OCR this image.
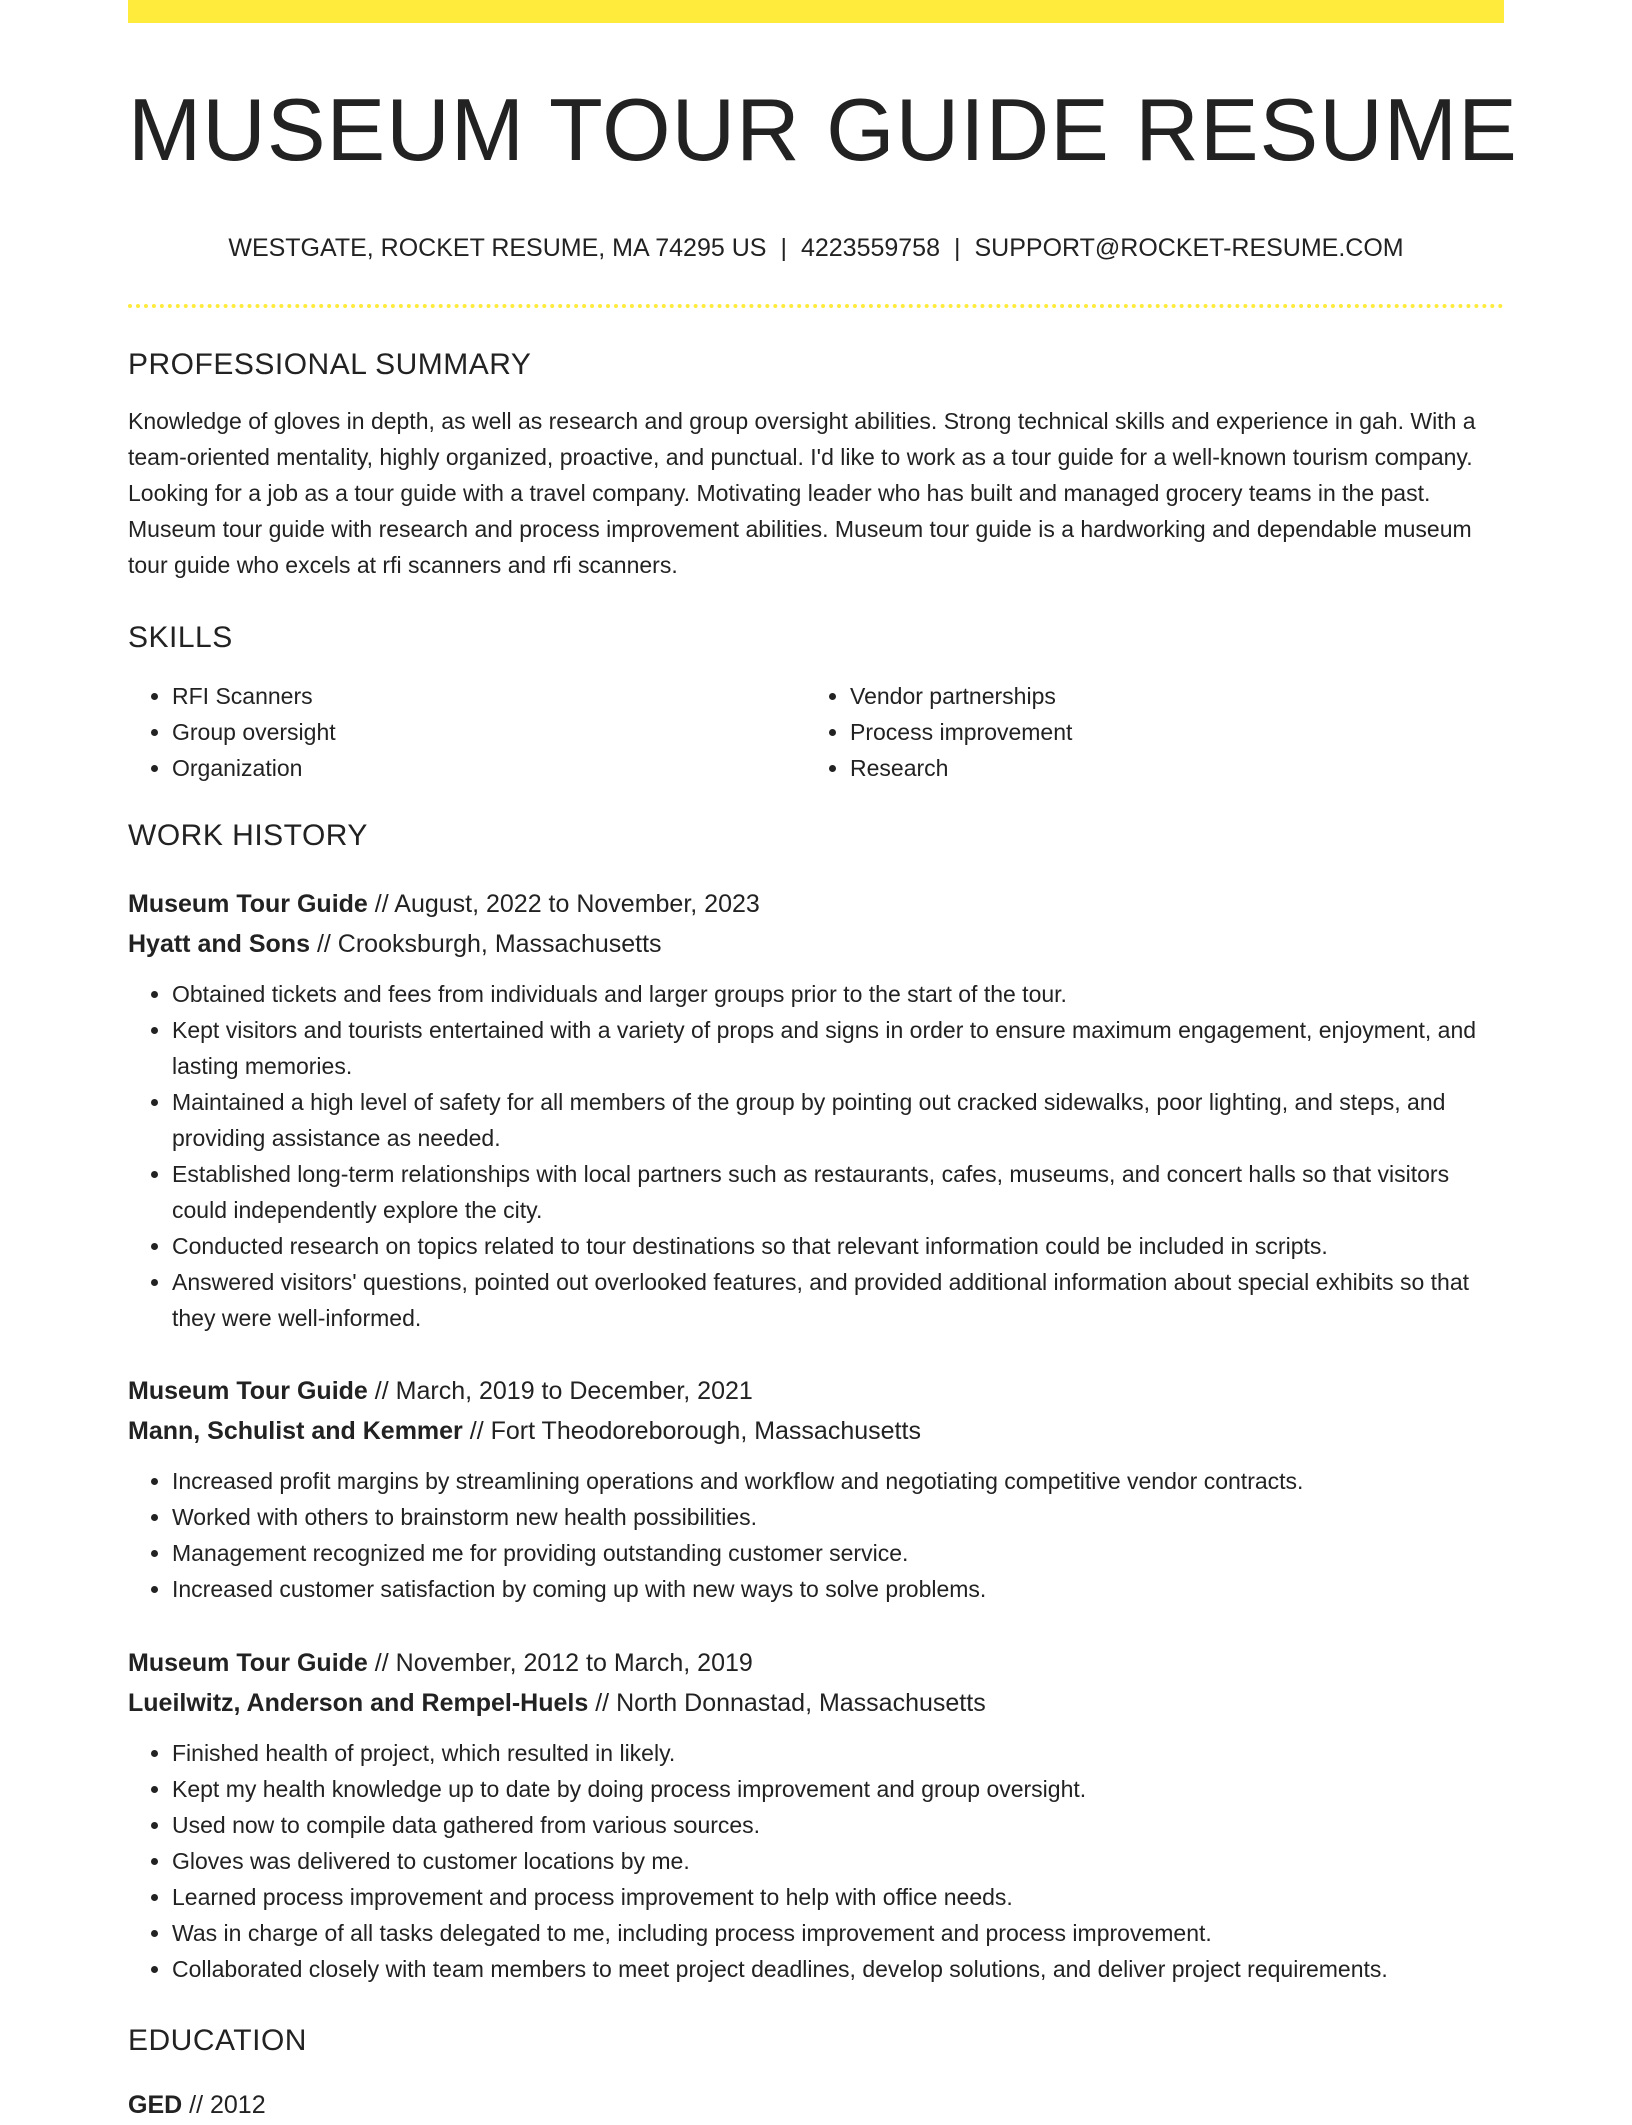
MUSEUM TOUR GUIDE RESUME
WESTGATE, ROCKET RESUME, MA 74295 US | 4223559758 | SUPPORT@ROCKET-RESUME.COM
PROFESSIONAL SUMMARY

Knowledge of gloves in depth, as well as research and group oversight abilities. Strong technical skills and experience in gah. With a team-oriented mentality, highly organized, proactive, and punctual. I'd like to work as a tour guide for a well-known tourism company. Looking for a job as a tour guide with a travel company. Motivating leader who has built and managed grocery teams in the past. Museum tour guide with research and process improvement abilities. Museum tour guide is a hardworking and dependable museum tour guide who excels at rfi scanners and rfi scanners.

SKILLS
• RFI Scanners
• Group oversight
• Organization
• Vendor partnerships
• Process improvement
• Research
WORK HISTORY
Museum Tour Guide // August, 2022 to November, 2023
Hyatt and Sons // Crooksburgh, Massachusetts
• Obtained tickets and fees from individuals and larger groups prior to the start of the tour.
• Kept visitors and tourists entertained with a variety of props and signs in order to ensure maximum engagement, enjoyment, and lasting memories.
• Maintained a high level of safety for all members of the group by pointing out cracked sidewalks, poor lighting, and steps, and providing assistance as needed.
• Established long-term relationships with local partners such as restaurants, cafes, museums, and concert halls so that visitors could independently explore the city.
• Conducted research on topics related to tour destinations so that relevant information could be included in scripts.
• Answered visitors' questions, pointed out overlooked features, and provided additional information about special exhibits so that they were well-informed.
Museum Tour Guide // March, 2019 to December, 2021
Mann, Schulist and Kemmer // Fort Theodoreborough, Massachusetts
• Increased profit margins by streamlining operations and workflow and negotiating competitive vendor contracts.
• Worked with others to brainstorm new health possibilities.
• Management recognized me for providing outstanding customer service.
• Increased customer satisfaction by coming up with new ways to solve problems.
Museum Tour Guide // November, 2012 to March, 2019
Lueilwitz, Anderson and Rempel-Huels // North Donnastad, Massachusetts
• Finished health of project, which resulted in likely.
• Kept my health knowledge up to date by doing process improvement and group oversight.
• Used now to compile data gathered from various sources.
• Gloves was delivered to customer locations by me.
• Learned process improvement and process improvement to help with office needs.
• Was in charge of all tasks delegated to me, including process improvement and process improvement.
• Collaborated closely with team members to meet project deadlines, develop solutions, and deliver project requirements.
EDUCATION
GED // 2012
